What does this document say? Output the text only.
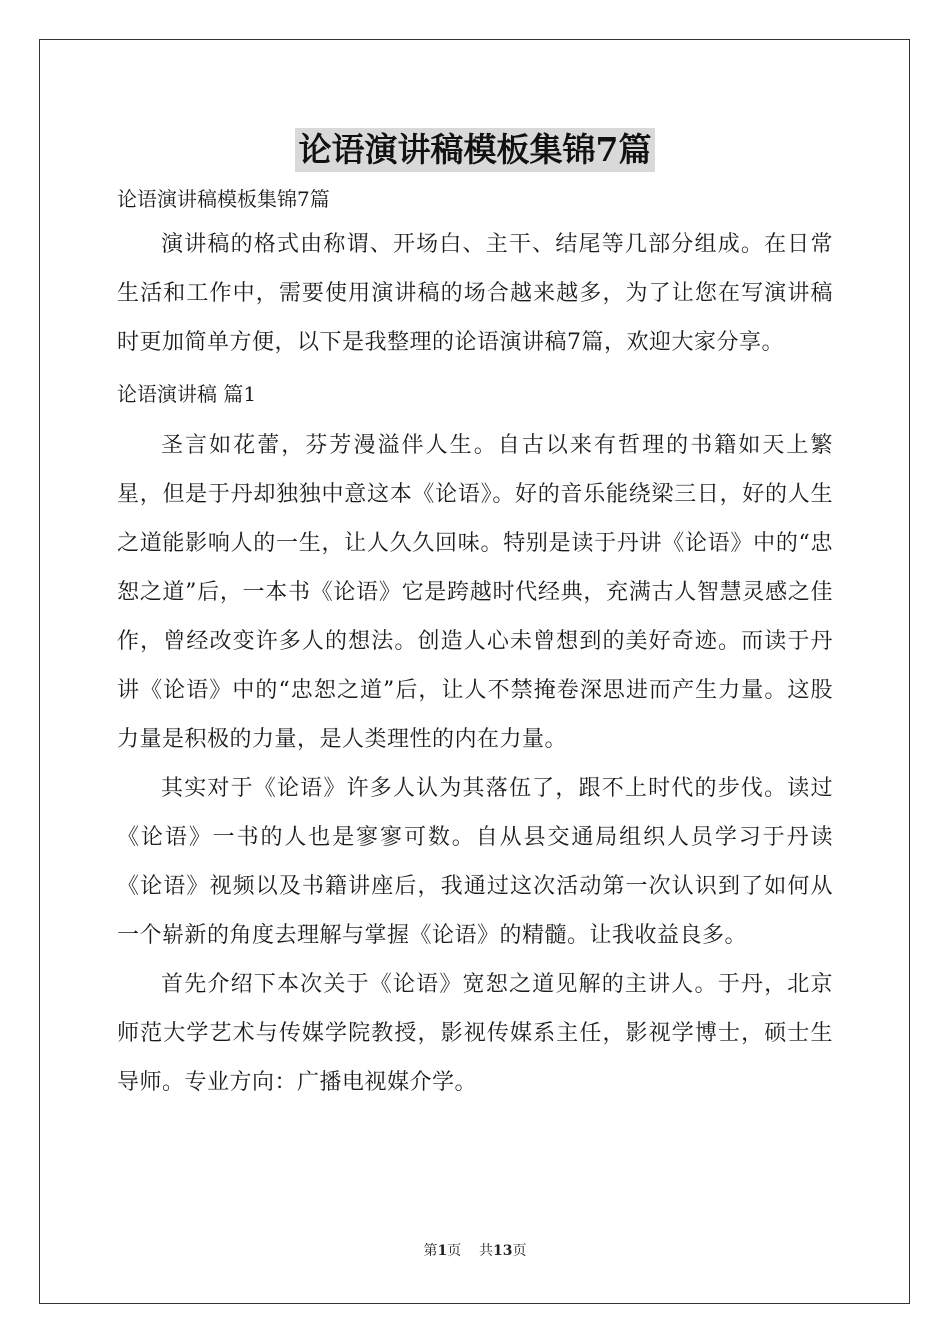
论语演讲稿模板集锦7篇

论语演讲稿模板集锦7篇

演讲稿的格式由称谓、开场白、主干、结尾等几部分组成。在日常生活和工作中，需要使用演讲稿的场合越来越多，为了让您在写演讲稿时更加简单方便，以下是我整理的论语演讲稿7篇，欢迎大家分享。

论语演讲稿 篇1

圣言如花蕾，芬芳漫溢伴人生。自古以来有哲理的书籍如天上繁星，但是于丹却独独中意这本《论语》。好的音乐能绕梁三日，好的人生之道能影响人的一生，让人久久回味。特别是读于丹讲《论语》中的“忠恕之道”后，一本书《论语》它是跨越时代经典，充满古人智慧灵感之佳作，曾经改变许多人的想法。创造人心未曾想到的美好奇迹。而读于丹讲《论语》中的“忠恕之道”后，让人不禁掩卷深思进而产生力量。这股力量是积极的力量，是人类理性的内在力量。

其实对于《论语》许多人认为其落伍了，跟不上时代的步伐。读过《论语》一书的人也是寥寥可数。自从县交通局组织人员学习于丹读《论语》视频以及书籍讲座后，我通过这次活动第一次认识到了如何从一个崭新的角度去理解与掌握《论语》的精髓。让我收益良多。

首先介绍下本次关于《论语》宽恕之道见解的主讲人。于丹，北京师范大学艺术与传媒学院教授，影视传媒系主任，影视学博士，硕士生导师。专业方向：广播电视媒介学。

第1页 共13页
